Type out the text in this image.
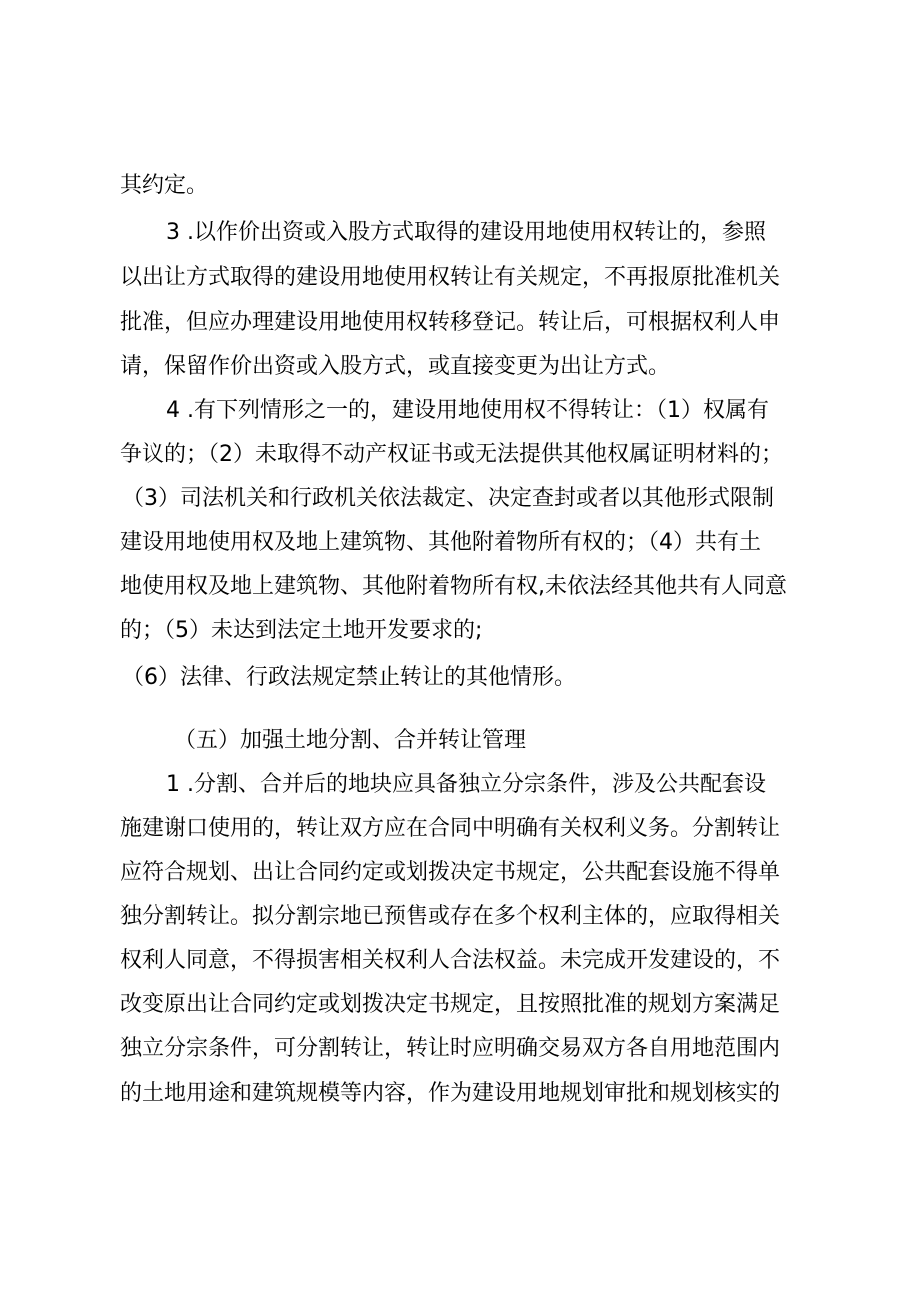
其约定。
3 .以作价出资或入股方式取得的建设用地使用权转让的，参照
以出让方式取得的建设用地使用权转让有关规定，不再报原批准机关
批准，但应办理建设用地使用权转移登记。转让后，可根据权利人申
请，保留作价出资或入股方式，或直接变更为出让方式。
4 .有下列情形之一的，建设用地使用权不得转让：（1）权属有
争议的；（2）未取得不动产权证书或无法提供其他权属证明材料的；
（3）司法机关和行政机关依法裁定、决定查封或者以其他形式限制
建设用地使用权及地上建筑物、其他附着物所有权的；（4）共有土
地使用权及地上建筑物、其他附着物所有权,未依法经其他共有人同意
的；（5）未达到法定土地开发要求的;
（6）法律、行政法规定禁止转让的其他情形。
（五）加强土地分割、合并转让管理
1 .分割、合并后的地块应具备独立分宗条件，涉及公共配套设
施建谢口使用的，转让双方应在合同中明确有关权利义务。分割转让
应符合规划、出让合同约定或划拨决定书规定，公共配套设施不得单
独分割转让。拟分割宗地已预售或存在多个权利主体的，应取得相关
权利人同意，不得损害相关权利人合法权益。未完成开发建设的，不
改变原出让合同约定或划拨决定书规定，且按照批准的规划方案满足
独立分宗条件，可分割转让，转让时应明确交易双方各自用地范围内
的土地用途和建筑规模等内容，作为建设用地规划审批和规划核实的
